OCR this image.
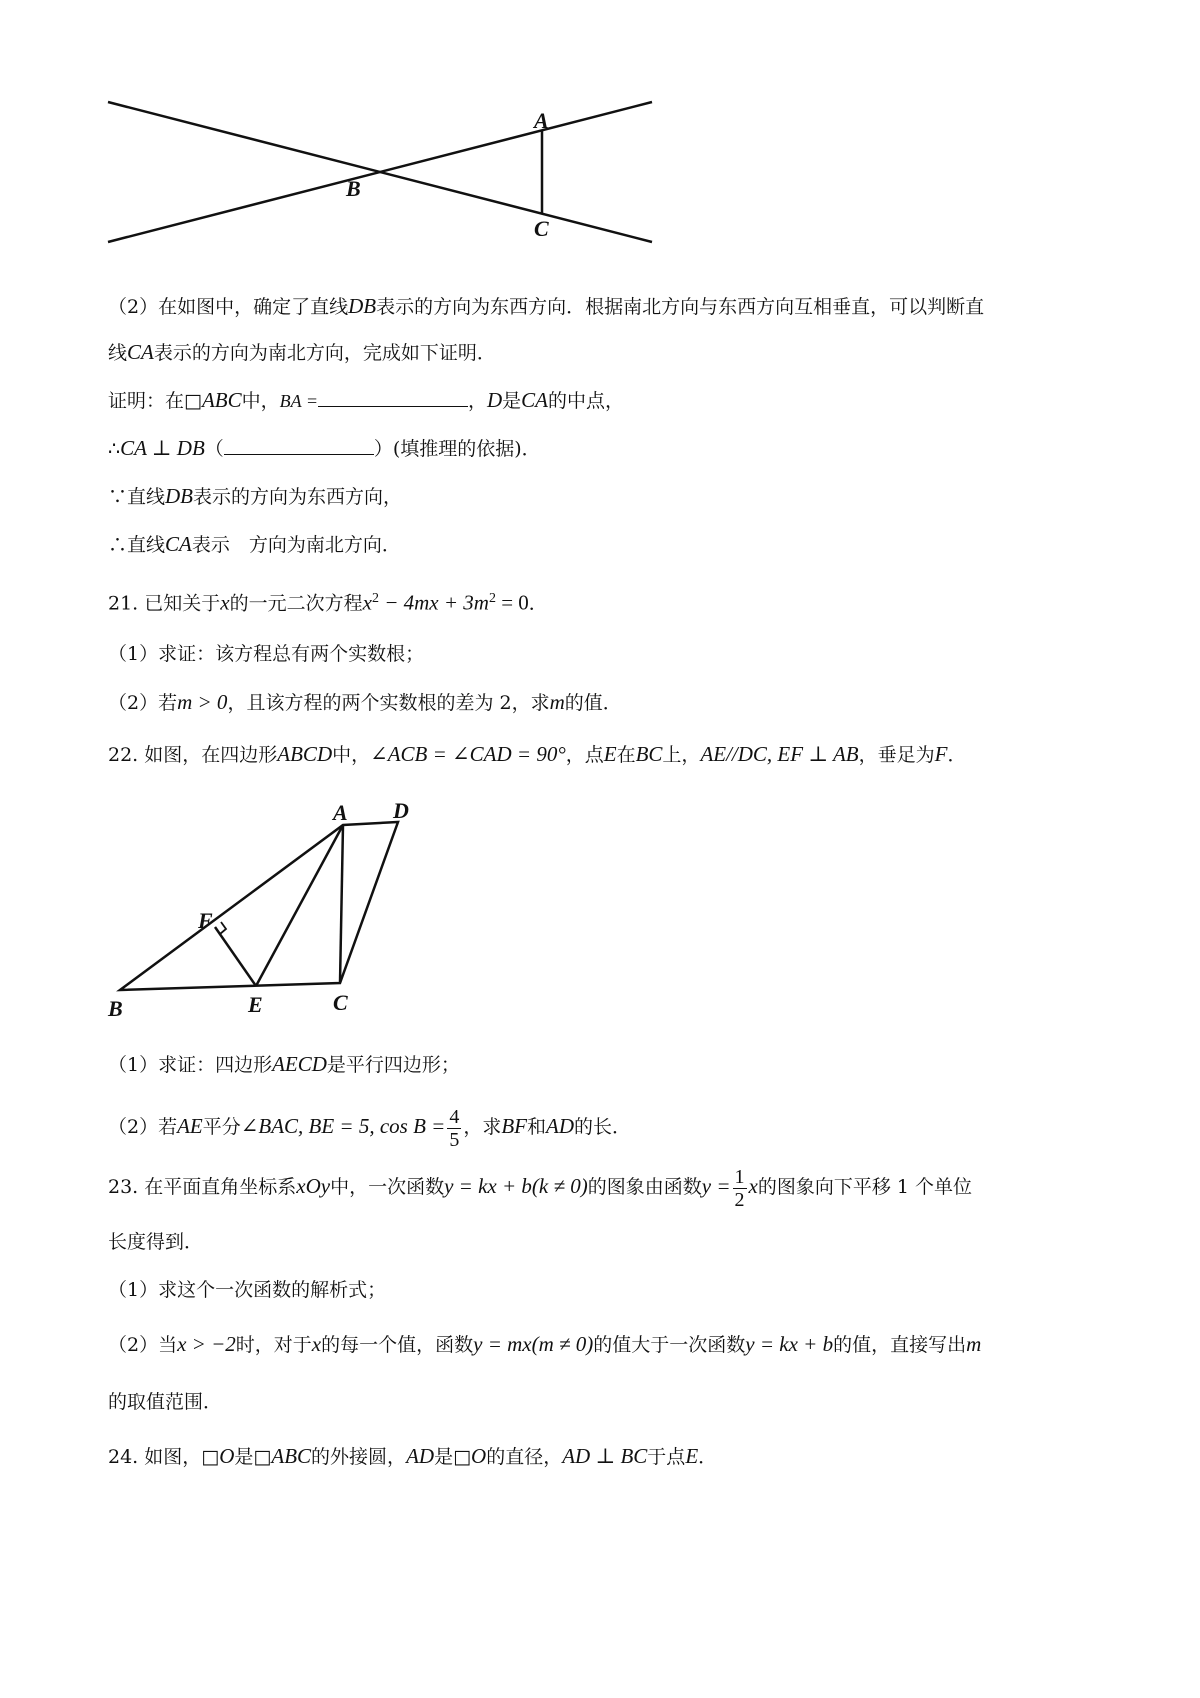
A
B
C
（2）在如图中，确定了直线DB表示的方向为东西方向．根据南北方向与东西方向互相垂直，可以判断直
线CA表示的方向为南北方向，完成如下证明．
证明：在□ABC中，BA =	，D是CA的中点，
∴CA ⊥ DB（	）(填推理的依据)．
∵直线DB表示的方向为东西方向，
∴直线CA表示　方向为南北方向．
21. 已知关于x的一元二次方程$x^2 - 4mx + 3m^2 = 0$．
（1）求证：该方程总有两个实数根；
（2）若m > 0，且该方程的两个实数根的差为 2，求m的值．
22. 如图，在四边形ABCD中，∠ACB = ∠CAD = 90°，点E在BC上，AE//DC, EF ⊥ AB，垂足为F．
A D
F
B	E	C
（1）求证：四边形AECD是平行四边形；
（2）若AE平分∠BAC, BE = 5, $\cos B = \frac{4}{5}$ ，求BF和AD的长．
23. 在平面直角坐标系xOy中，一次函数y = kx + b(k ≠ 0)的图象由函数$y = \frac{1}{2}$ x的图象向下平移 1 个单位
长度得到．
（1）求这个一次函数的解析式；
（2）当x > −2时，对于x的每一个值，函数y = mx(m ≠ 0)的值大于一次函数y = kx + b的值，直接写出m
的取值范围．
24. 如图，□O是□ABC的外接圆，AD是□O的直径，AD ⊥ BC于点E．
